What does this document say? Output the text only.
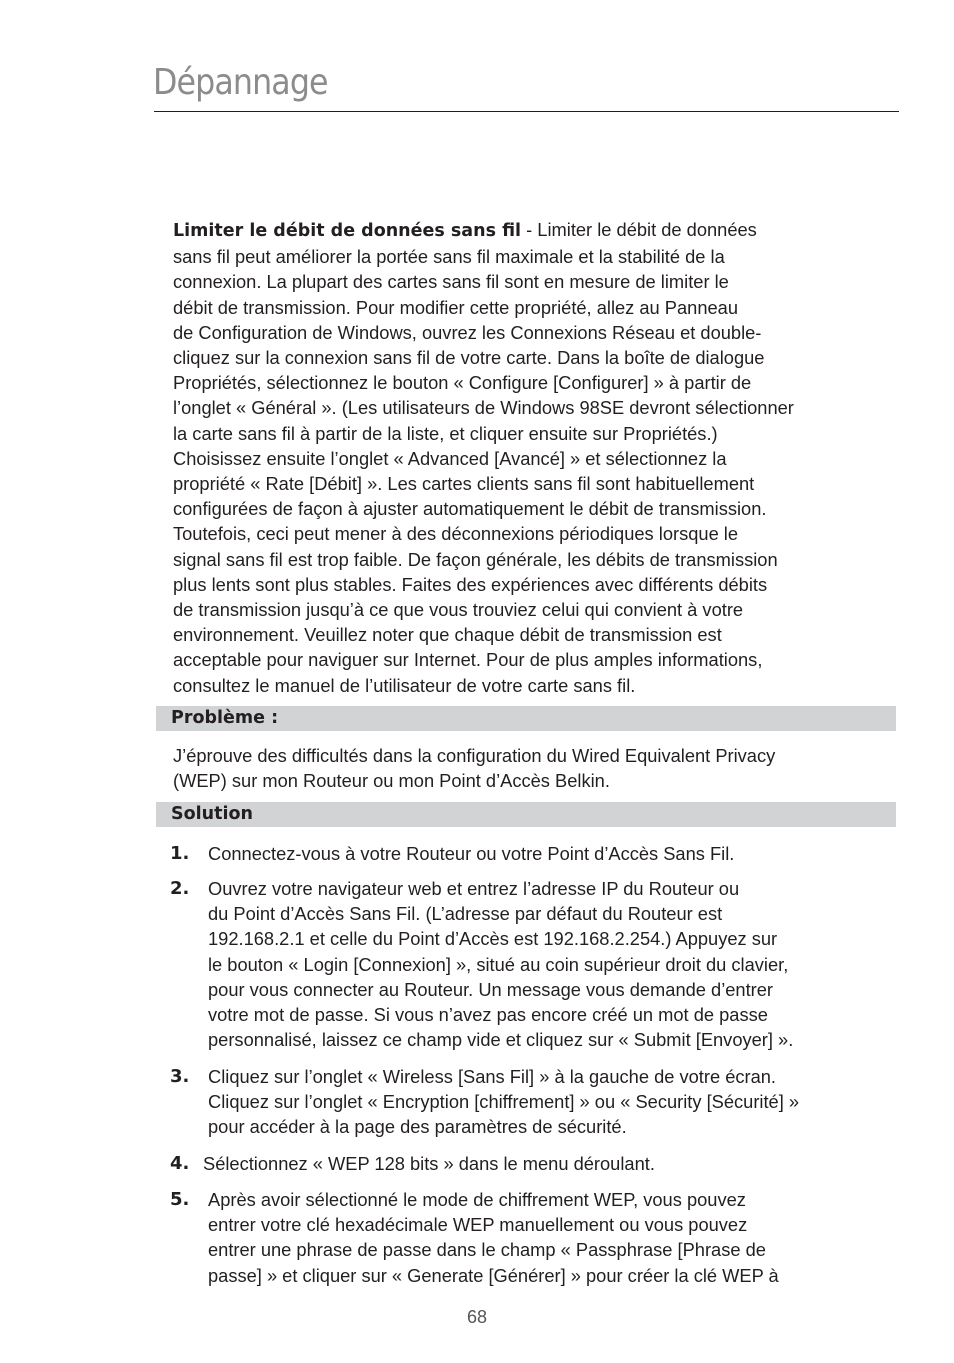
Dépannage

Limiter le débit de données sans fil - Limiter le débit de données
sans fil peut améliorer la portée sans fil maximale et la stabilité de la
connexion. La plupart des cartes sans fil sont en mesure de limiter le
débit de transmission. Pour modifier cette propriété, allez au Panneau
de Configuration de Windows, ouvrez les Connexions Réseau et double-
cliquez sur la connexion sans fil de votre carte. Dans la boîte de dialogue
Propriétés, sélectionnez le bouton « Configure [Configurer] » à partir de
l’onglet « Général ». (Les utilisateurs de Windows 98SE devront sélectionner
la carte sans fil à partir de la liste, et cliquer ensuite sur Propriétés.)
Choisissez ensuite l’onglet « Advanced [Avancé] » et sélectionnez la
propriété « Rate [Débit] ». Les cartes clients sans fil sont habituellement
configurées de façon à ajuster automatiquement le débit de transmission.
Toutefois, ceci peut mener à des déconnexions périodiques lorsque le
signal sans fil est trop faible. De façon générale, les débits de transmission
plus lents sont plus stables. Faites des expériences avec différents débits
de transmission jusqu’à ce que vous trouviez celui qui convient à votre
environnement. Veuillez noter que chaque débit de transmission est
acceptable pour naviguer sur Internet. Pour de plus amples informations,
consultez le manuel de l’utilisateur de votre carte sans fil.

Problème :

J’éprouve des difficultés dans la configuration du Wired Equivalent Privacy
(WEP) sur mon Routeur ou mon Point d’Accès Belkin.

Solution
1. Connectez-vous à votre Routeur ou votre Point d’Accès Sans Fil.

2. Ouvrez votre navigateur web et entrez l’adresse IP du Routeur ou
du Point d’Accès Sans Fil. (L’adresse par défaut du Routeur est
192.168.2.1 et celle du Point d’Accès est 192.168.2.254.) Appuyez sur
le bouton « Login [Connexion] », situé au coin supérieur droit du clavier,
pour vous connecter au Routeur. Un message vous demande d’entrer
votre mot de passe. Si vous n’avez pas encore créé un mot de passe
personnalisé, laissez ce champ vide et cliquez sur « Submit [Envoyer] ».

3. Cliquez sur l’onglet « Wireless [Sans Fil] » à la gauche de votre écran.
Cliquez sur l’onglet « Encryption [chiffrement] » ou « Security [Sécurité] »
pour accéder à la page des paramètres de sécurité.

4. Sélectionnez « WEP 128 bits » dans le menu déroulant.

5. Après avoir sélectionné le mode de chiffrement WEP, vous pouvez
entrer votre clé hexadécimale WEP manuellement ou vous pouvez
entrer une phrase de passe dans le champ « Passphrase [Phrase de
passe] » et cliquer sur « Generate [Générer] » pour créer la clé WEP à

68
